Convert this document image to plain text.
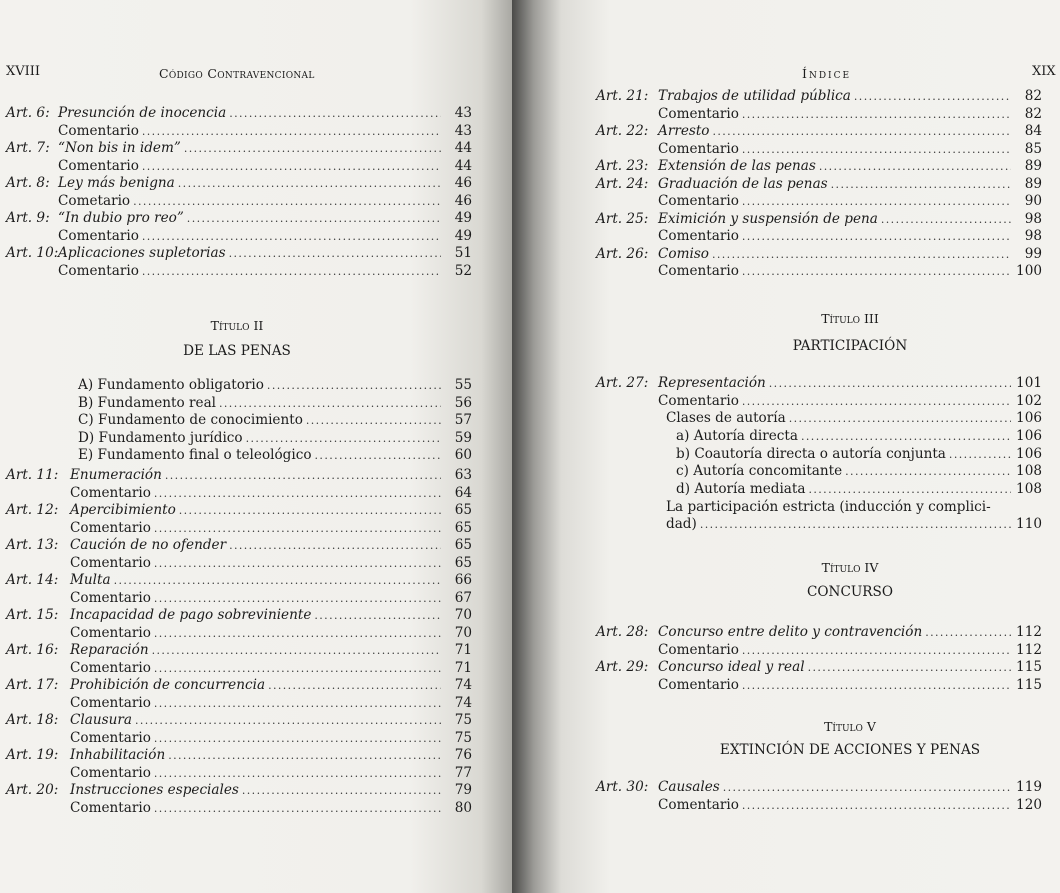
XVIII	Código Contravencional
Art. 6: Presunción de inocencia .....	43
Comentario .....	43
Art. 7: “Non bis in idem” .....	44
Comentario .....	44
Art. 8: Ley más benigna .....	46
Cometario .....	46
Art. 9: “In dubio pro reo” .....	49
Comentario .....	49
Art. 10: Aplicaciones supletorias .....	51
Comentario .....	52
Título II
DE LAS PENAS
A) Fundamento obligatorio .....	55
B) Fundamento real .....	56
C) Fundamento de conocimiento .....	57
D) Fundamento jurídico .....	59
E) Fundamento final o teleológico .....	60
Art. 11: Enumeración .....	63
Comentario .....	64
Art. 12: Apercibimiento .....	65
Comentario .....	65
Art. 13: Caución de no ofender .....	65
Comentario .....	65
Art. 14: Multa .....	66
Comentario .....	67
Art. 15: Incapacidad de pago sobreviniente .....	70
Comentario .....	70
Art. 16: Reparación .....	71
Comentario .....	71
Art. 17: Prohibición de concurrencia .....	74
Comentario .....	74
Art. 18: Clausura .....	75
Comentario .....	75
Art. 19: Inhabilitación .....	76
Comentario .....	77
Art. 20: Instrucciones especiales .....	79
Comentario .....	80
Índice	XIX
Art. 21: Trabajos de utilidad pública .....	82
Comentario .....	82
Art. 22: Arresto .....	84
Comentario .....	85
Art. 23: Extensión de las penas .....	89
Art. 24: Graduación de las penas .....	89
Comentario .....	90
Art. 25: Eximición y suspensión de pena .....	98
Comentario .....	98
Art. 26: Comiso .....	99
Comentario .....	100
Título III
PARTICIPACIÓN
Art. 27: Representación .....	101
Comentario .....	102
Clases de autoría .....	106
a) Autoría directa .....	106
b) Coautoría directa o autoría conjunta .....	106
c) Autoría concomitante .....	108
d) Autoría mediata .....	108
La participación estricta (inducción y complici-
dad) .....	110
Título IV
CONCURSO
Art. 28: Concurso entre delito y contravención .....	112
Comentario .....	112
Art. 29: Concurso ideal y real .....	115
Comentario .....	115
Título V
EXTINCIÓN DE ACCIONES Y PENAS
Art. 30: Causales .....	119
Comentario .....	120
